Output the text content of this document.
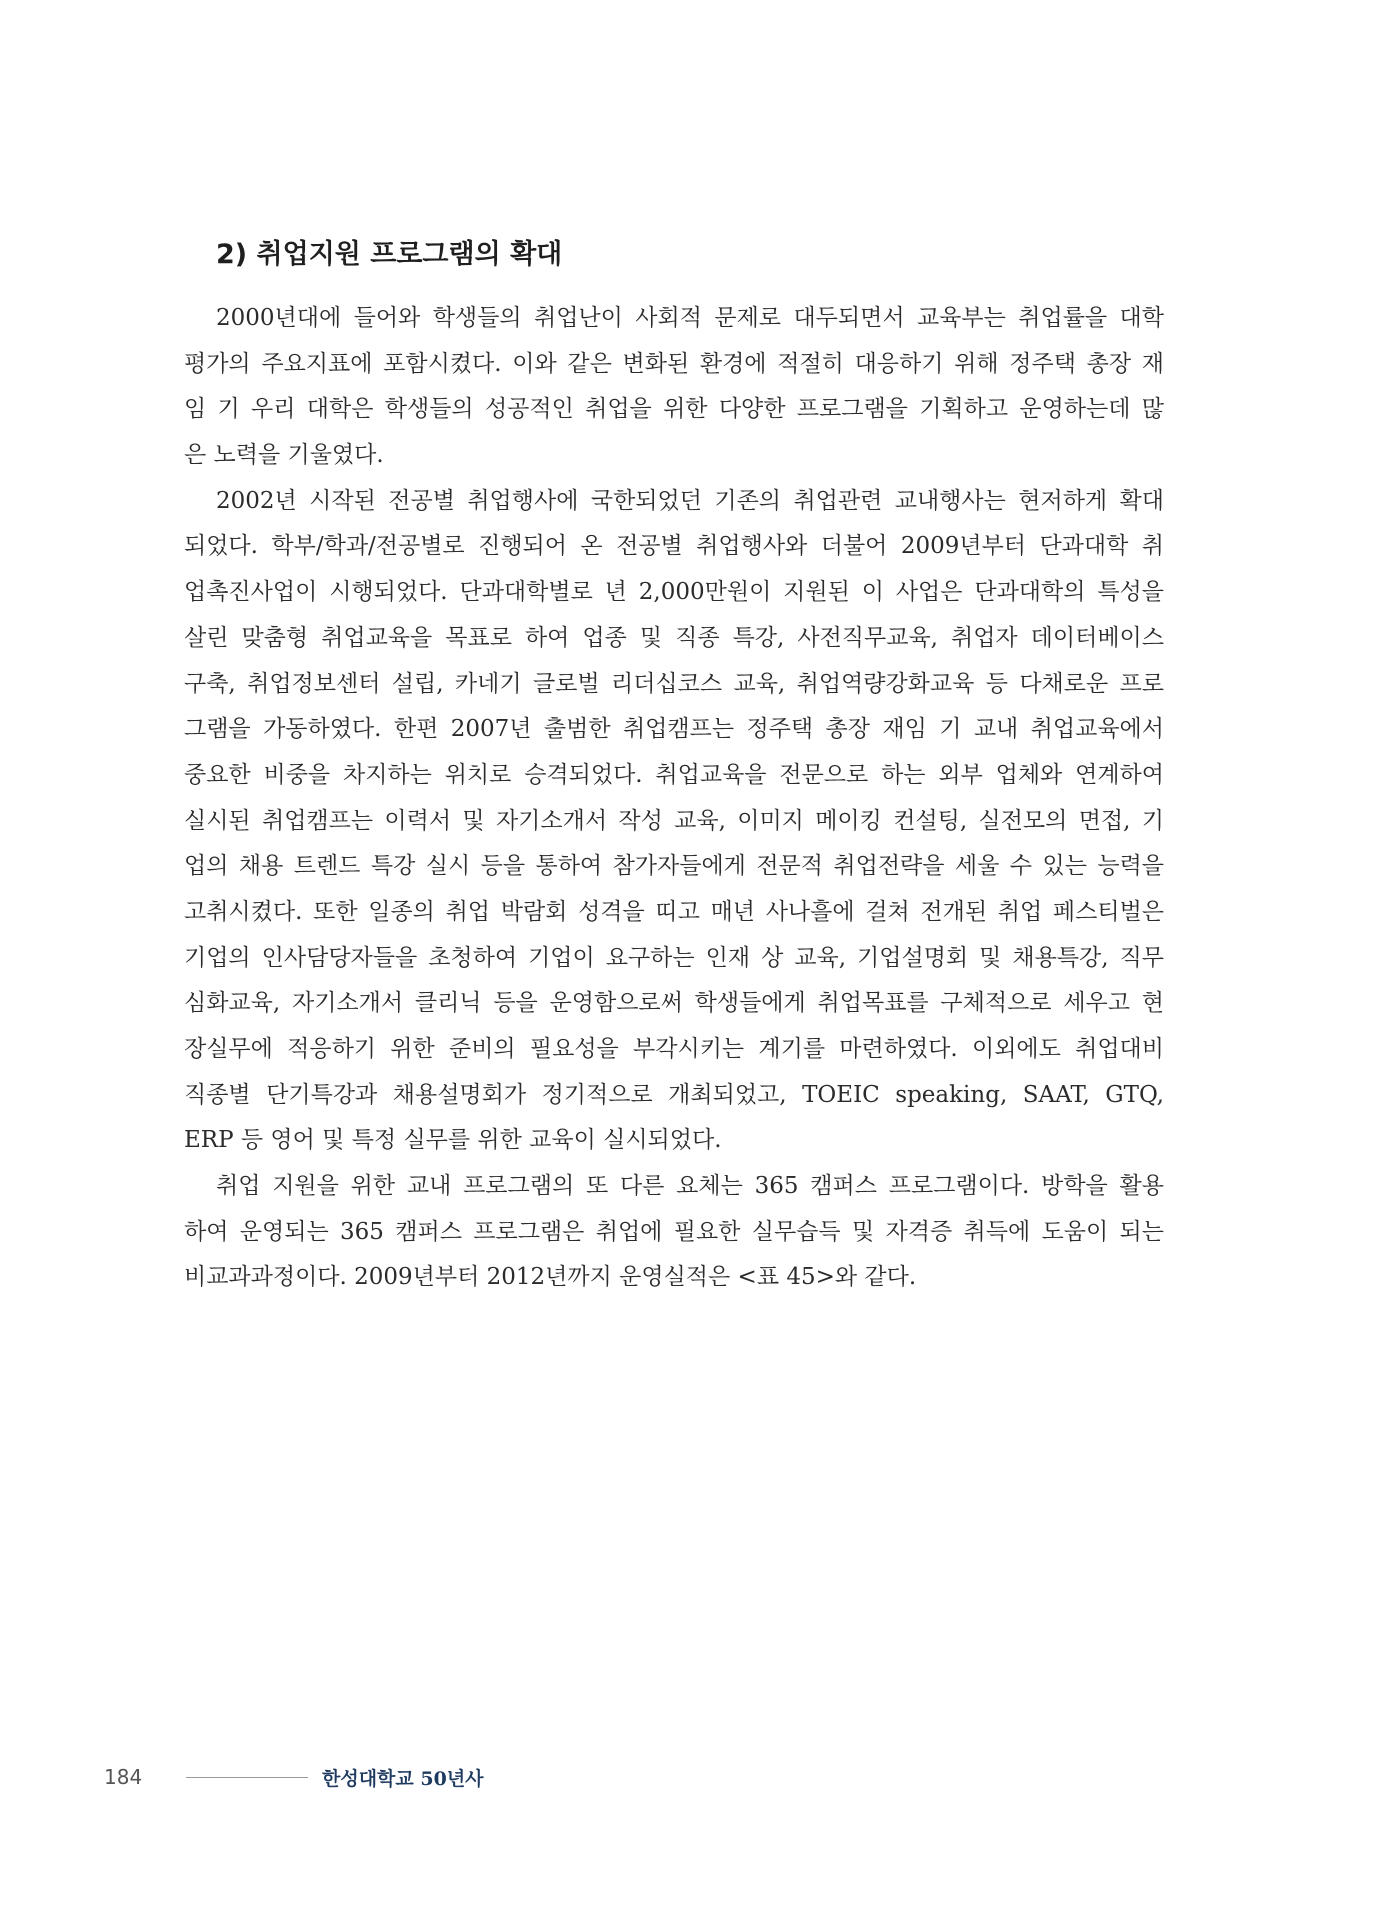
2) 취업지원 프로그램의 확대
2000년대에 들어와 학생들의 취업난이 사회적 문제로 대두되면서 교육부는 취업률을 대학
평가의 주요지표에 포함시켰다. 이와 같은 변화된 환경에 적절히 대응하기 위해 정주택 총장 재
임 기 우리 대학은 학생들의 성공적인 취업을 위한 다양한 프로그램을 기획하고 운영하는데 많
은 노력을 기울였다.
2002년 시작된 전공별 취업행사에 국한되었던 기존의 취업관련 교내행사는 현저하게 확대
되었다. 학부/학과/전공별로 진행되어 온 전공별 취업행사와 더불어 2009년부터 단과대학 취
업촉진사업이 시행되었다. 단과대학별로 년 2,000만원이 지원된 이 사업은 단과대학의 특성을
살린 맞춤형 취업교육을 목표로 하여 업종 및 직종 특강, 사전직무교육, 취업자 데이터베이스
구축, 취업정보센터 설립, 카네기 글로벌 리더십코스 교육, 취업역량강화교육 등 다채로운 프로
그램을 가동하였다. 한편 2007년 출범한 취업캠프는 정주택 총장 재임 기 교내 취업교육에서
중요한 비중을 차지하는 위치로 승격되었다. 취업교육을 전문으로 하는 외부 업체와 연계하여
실시된 취업캠프는 이력서 및 자기소개서 작성 교육, 이미지 메이킹 컨설팅, 실전모의 면접, 기
업의 채용 트렌드 특강 실시 등을 통하여 참가자들에게 전문적 취업전략을 세울 수 있는 능력을
고취시켰다. 또한 일종의 취업 박람회 성격을 띠고 매년 사나흘에 걸쳐 전개된 취업 페스티벌은
기업의 인사담당자들을 초청하여 기업이 요구하는 인재 상 교육, 기업설명회 및 채용특강, 직무
심화교육, 자기소개서 클리닉 등을 운영함으로써 학생들에게 취업목표를 구체적으로 세우고 현
장실무에 적응하기 위한 준비의 필요성을 부각시키는 계기를 마련하였다. 이외에도 취업대비
직종별 단기특강과 채용설명회가 정기적으로 개최되었고, TOEIC speaking, SAAT, GTQ,
ERP 등 영어 및 특정 실무를 위한 교육이 실시되었다.
취업 지원을 위한 교내 프로그램의 또 다른 요체는 365 캠퍼스 프로그램이다. 방학을 활용
하여 운영되는 365 캠퍼스 프로그램은 취업에 필요한 실무습득 및 자격증 취득에 도움이 되는
비교과과정이다. 2009년부터 2012년까지 운영실적은 <표 45>와 같다.
184	한성대학교 50년사
